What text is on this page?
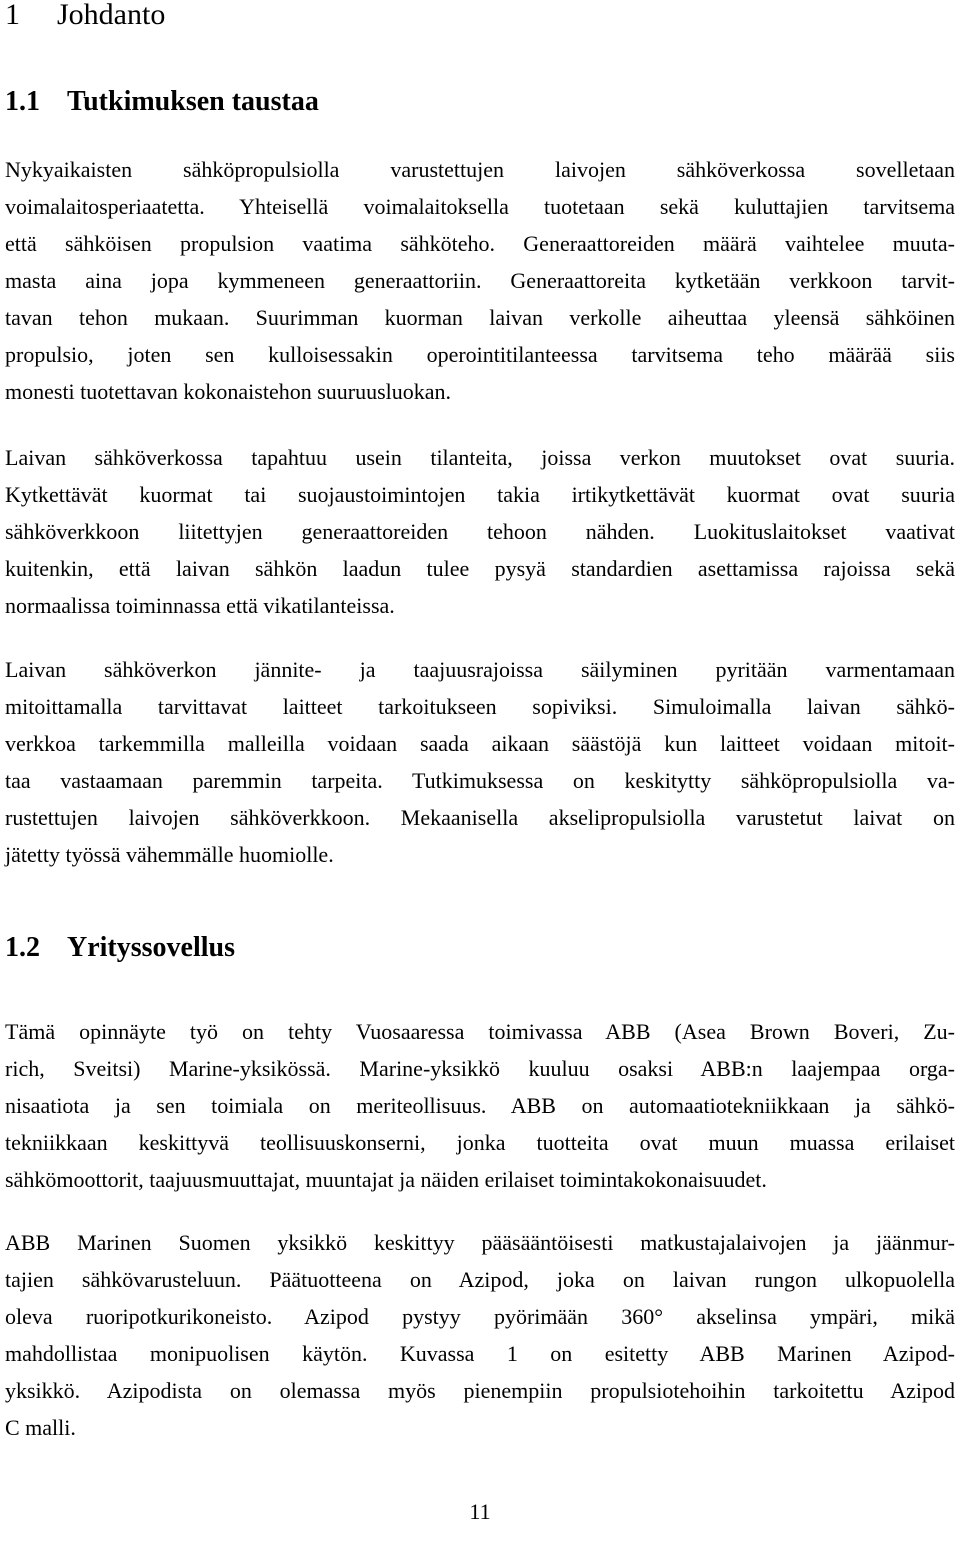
1 Johdanto
1.1 Tutkimuksen taustaa
Nykyaikaisten sähköpropulsiolla varustettujen laivojen sähköverkossa sovelletaan
voimalaitosperiaatetta. Yhteisellä voimalaitoksella tuotetaan sekä kuluttajien tarvitsema
että sähköisen propulsion vaatima sähköteho. Generaattoreiden määrä vaihtelee muuta-
masta aina jopa kymmeneen generaattoriin. Generaattoreita kytketään verkkoon tarvit-
tavan tehon mukaan. Suurimman kuorman laivan verkolle aiheuttaa yleensä sähköinen
propulsio, joten sen kulloisessakin operointitilanteessa tarvitsema teho määrää siis
monesti tuotettavan kokonaistehon suuruusluokan.
Laivan sähköverkossa tapahtuu usein tilanteita, joissa verkon muutokset ovat suuria.
Kytkettävät kuormat tai suojaustoimintojen takia irtikytkettävät kuormat ovat suuria
sähköverkkoon liitettyjen generaattoreiden tehoon nähden. Luokituslaitokset vaativat
kuitenkin, että laivan sähkön laadun tulee pysyä standardien asettamissa rajoissa sekä
normaalissa toiminnassa että vikatilanteissa.
Laivan sähköverkon jännite- ja taajuusrajoissa säilyminen pyritään varmentamaan
mitoittamalla tarvittavat laitteet tarkoitukseen sopiviksi. Simuloimalla laivan sähkö-
verkkoa tarkemmilla malleilla voidaan saada aikaan säästöjä kun laitteet voidaan mitoit-
taa vastaamaan paremmin tarpeita. Tutkimuksessa on keskitytty sähköpropulsiolla va-
rustettujen laivojen sähköverkkoon. Mekaanisella akselipropulsiolla varustetut laivat on
jätetty työssä vähemmälle huomiolle.
1.2 Yrityssovellus
Tämä opinnäyte työ on tehty Vuosaaressa toimivassa ABB (Asea Brown Boveri, Zu-
rich, Sveitsi) Marine-yksikössä. Marine-yksikkö kuuluu osaksi ABB:n laajempaa orga-
nisaatiota ja sen toimiala on meriteollisuus. ABB on automaatiotekniikkaan ja sähkö-
tekniikkaan keskittyvä teollisuuskonserni, jonka tuotteita ovat muun muassa erilaiset
sähkömoottorit, taajuusmuuttajat, muuntajat ja näiden erilaiset toimintakokonaisuudet.
ABB Marinen Suomen yksikkö keskittyy pääsääntöisesti matkustajalaivojen ja jäänmur-
tajien sähkövarusteluun. Päätuotteena on Azipod, joka on laivan rungon ulkopuolella
oleva ruoripotkurikoneisto. Azipod pystyy pyörimään 360° akselinsa ympäri, mikä
mahdollistaa monipuolisen käytön. Kuvassa 1 on esitetty ABB Marinen Azipod-
yksikkö. Azipodista on olemassa myös pienempiin propulsiotehoihin tarkoitettu Azipod
C malli.
11
